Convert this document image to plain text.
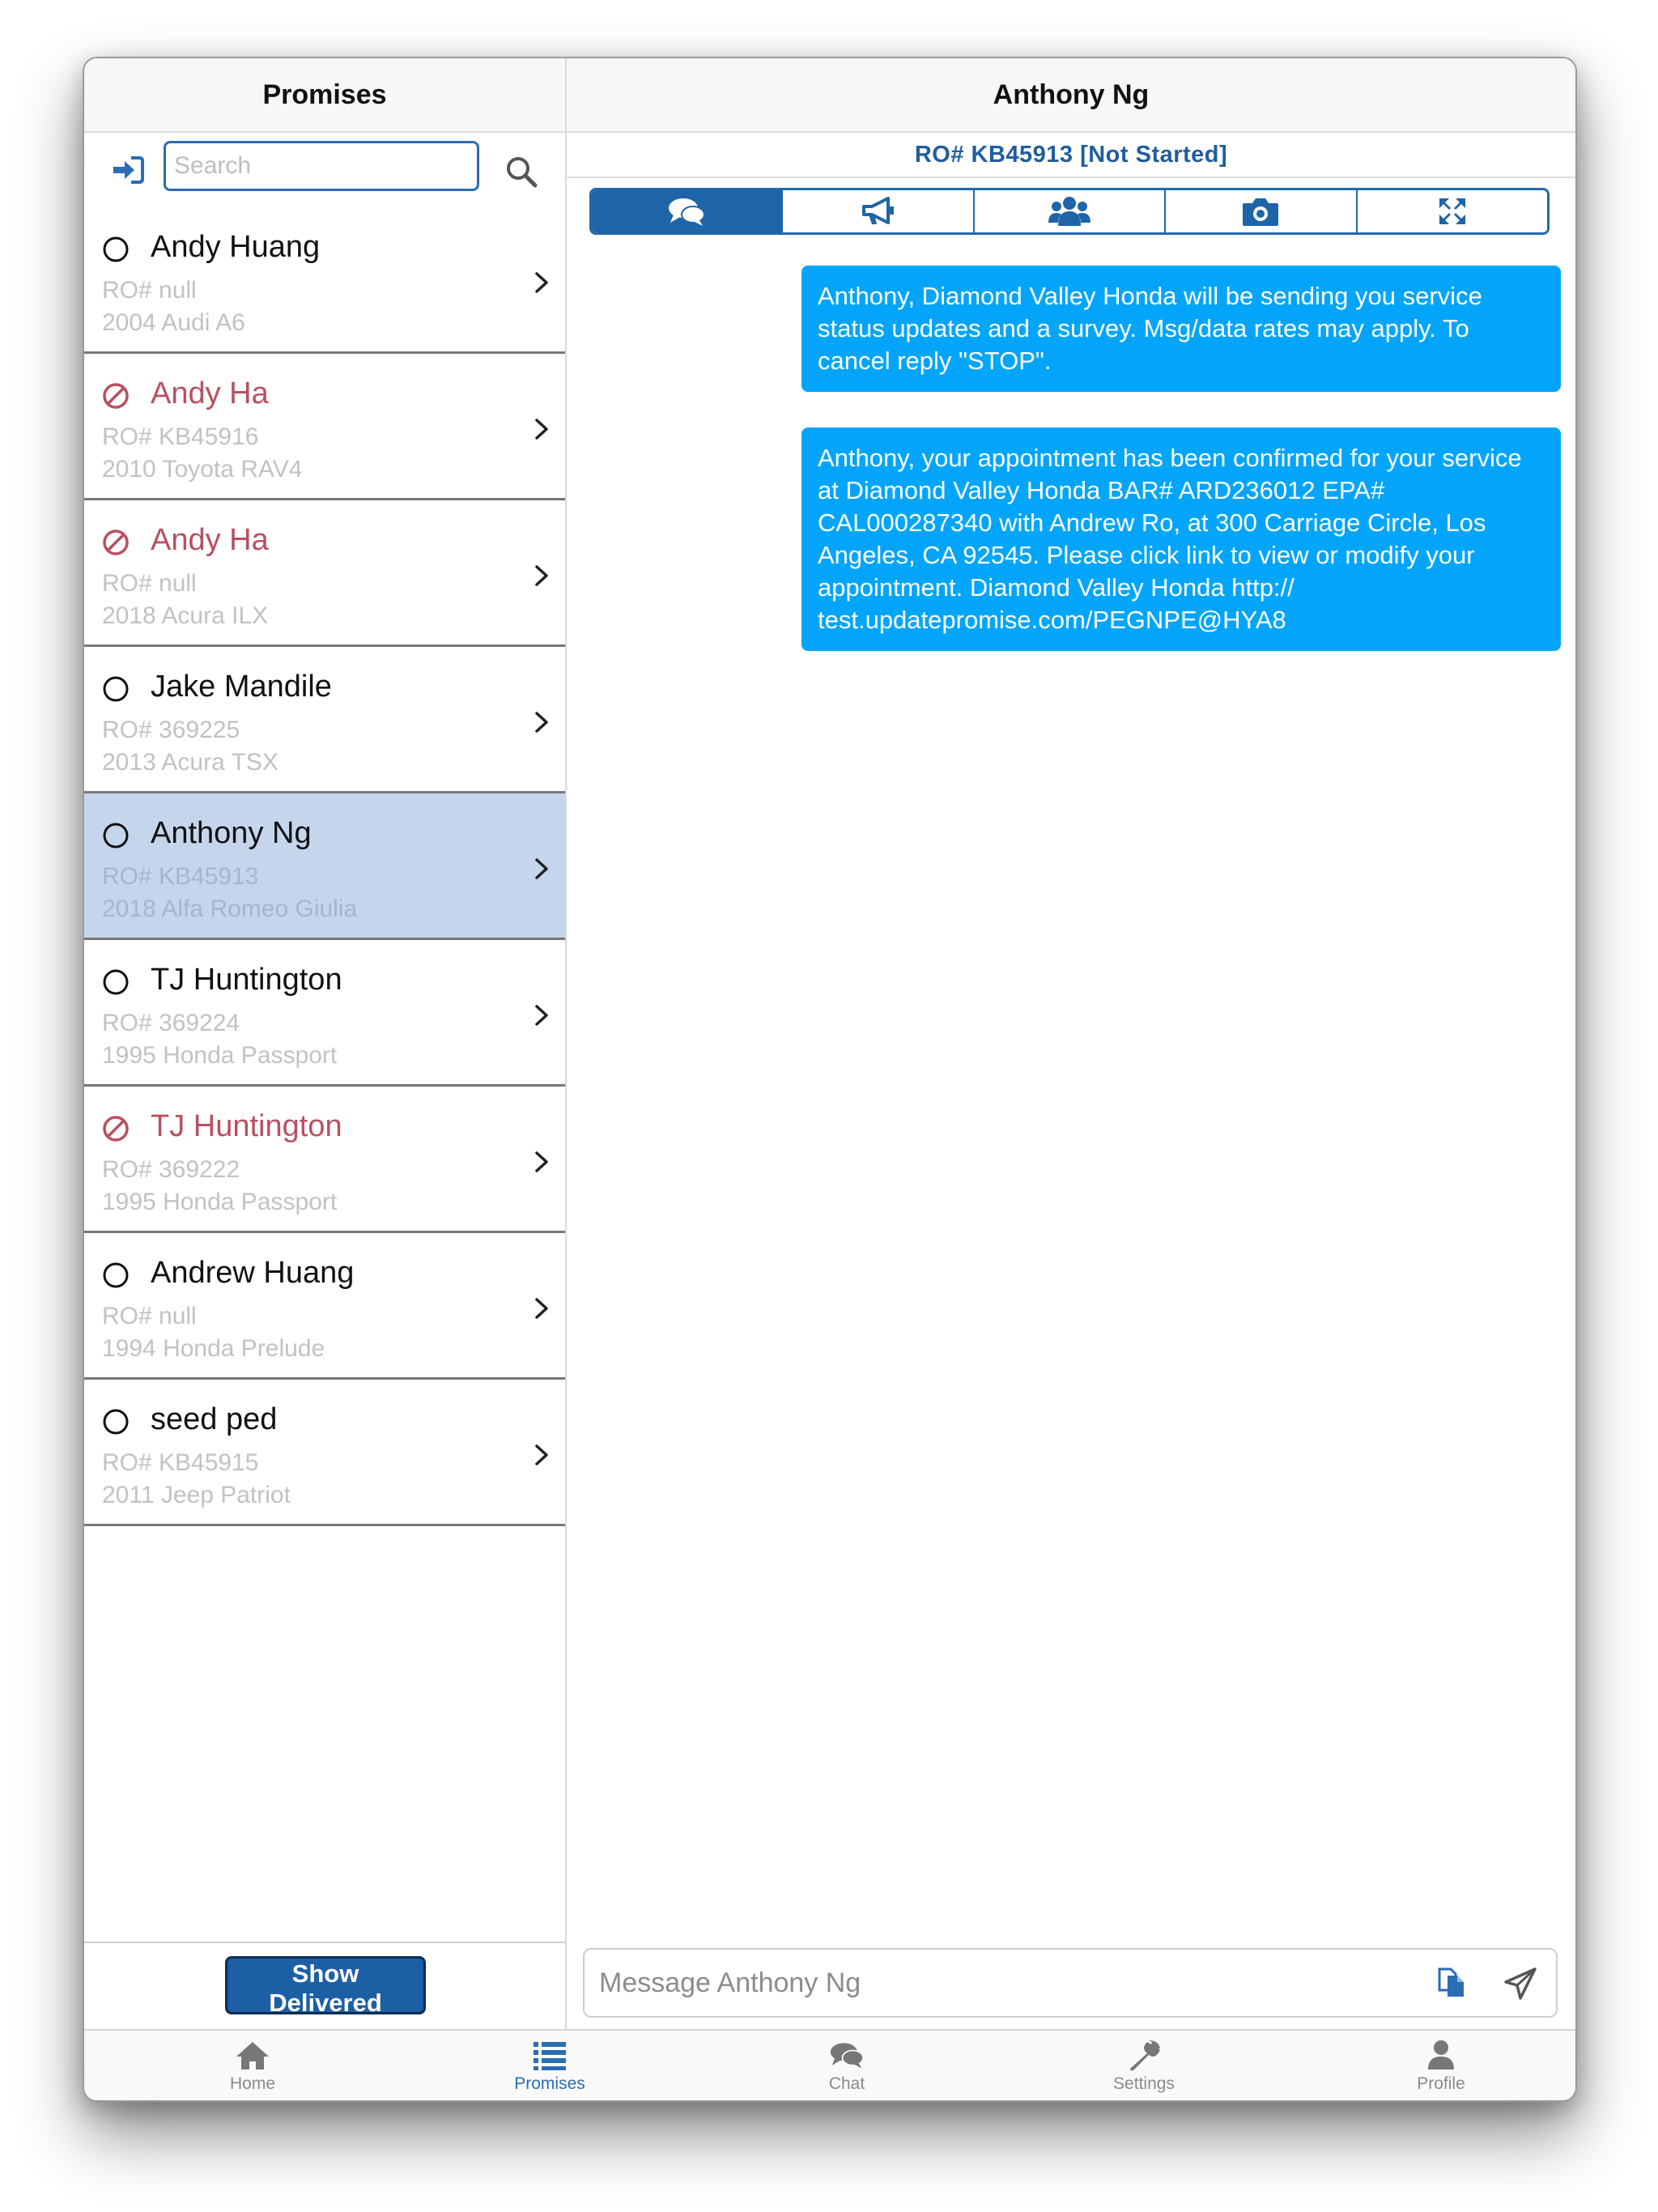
Promises
Search
Andy Huang
RO# null
2004 Audi A6
Andy Ha
RO# KB45916
2010 Toyota RAV4
Andy Ha
RO# null
2018 Acura ILX
Jake Mandile
RO# 369225
2013 Acura TSX
Anthony Ng
RO# KB45913
2018 Alfa Romeo Giulia
TJ Huntington
RO# 369224
1995 Honda Passport
TJ Huntington
RO# 369222
1995 Honda Passport
Andrew Huang
RO# null
1994 Honda Prelude
seed ped
RO# KB45915
2011 Jeep Patriot
Show Delivered
Anthony Ng
RO# KB45913 [Not Started]
Anthony, Diamond Valley Honda will be sending you service status updates and a survey. Msg/data rates may apply. To cancel reply "STOP".
Anthony, your appointment has been confirmed for your service at Diamond Valley Honda BAR# ARD236012 EPA# CAL000287340 with Andrew Ro, at 300 Carriage Circle, Los Angeles, CA 92545. Please click link to view or modify your appointment. Diamond Valley Honda http://
test.updatepromise.com/PEGNPE@HYA8
Message Anthony Ng
Home	Promises	Chat	Settings	Profile
